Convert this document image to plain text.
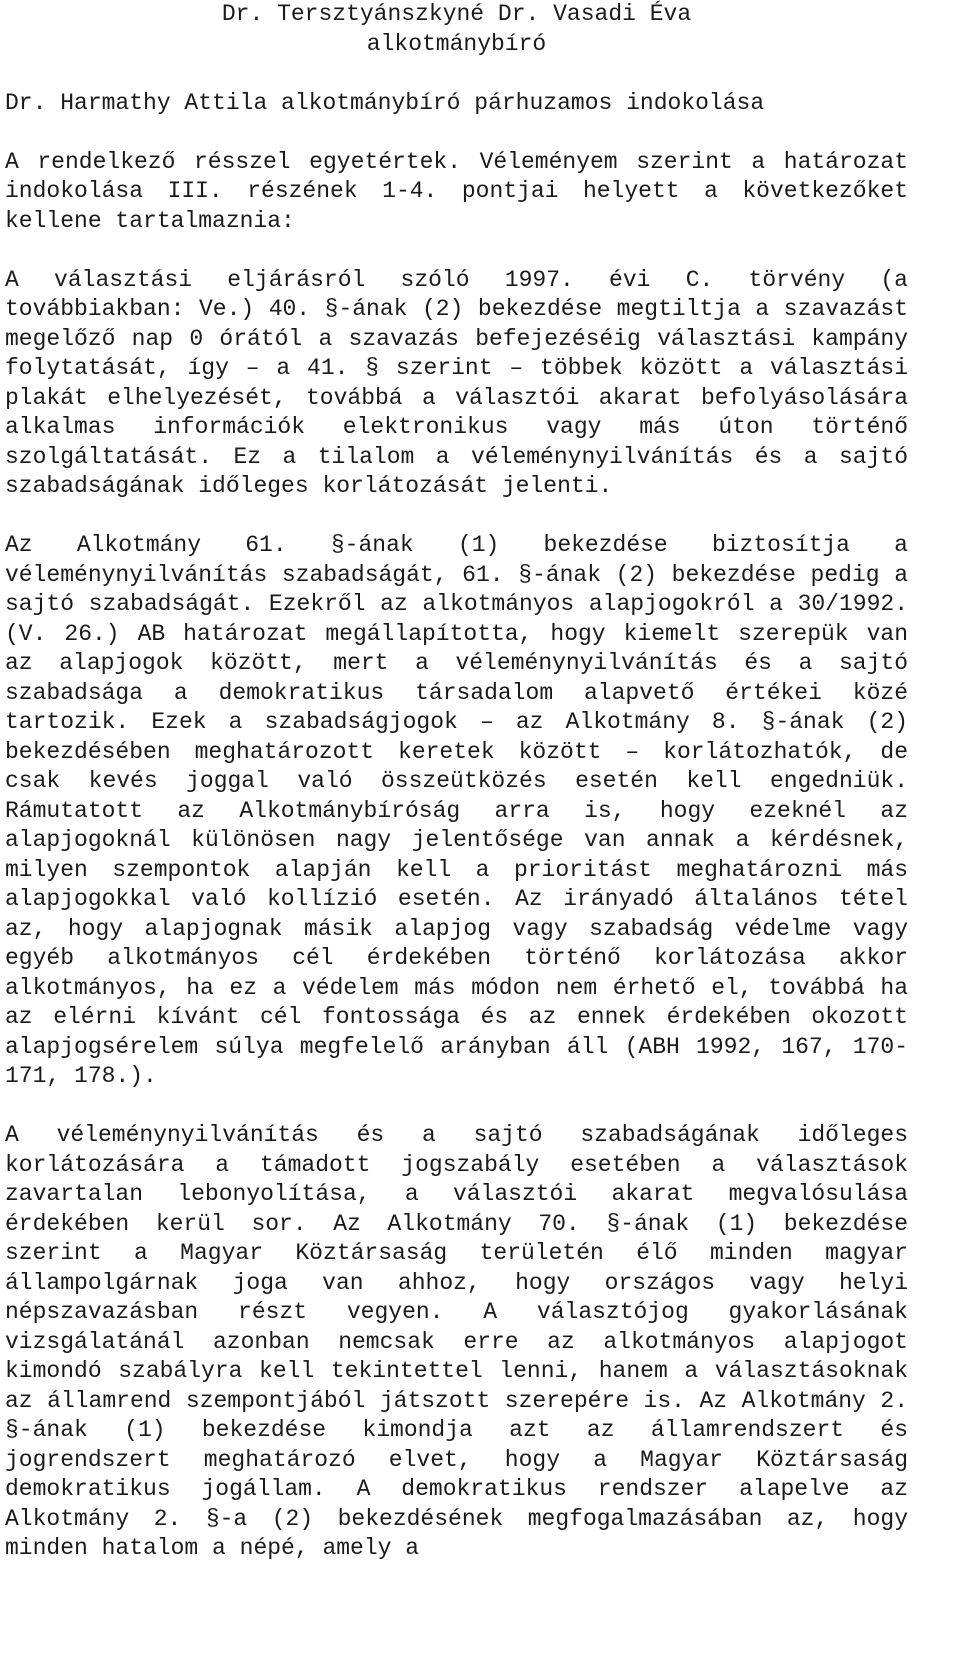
Dr. Tersztyánszkyné Dr. Vasadi Éva

alkotmánybíró

Dr. Harmathy Attila alkotmánybíró párhuzamos indokolása

A rendelkező résszel egyetértek. Véleményem szerint a határozat indokolása III. részének 1-4. pontjai helyett a következőket kellene tartalmaznia:

A választási eljárásról szóló 1997. évi C. törvény (a továbbiakban: Ve.) 40. §-ának (2) bekezdése megtiltja a szavazást megelőző nap 0 órától a szavazás befejezéséig választási kampány folytatását, így – a 41. § szerint – többek között a választási plakát elhelyezését, továbbá a választói akarat befolyásolására alkalmas információk elektronikus vagy más úton történő szolgáltatását. Ez a tilalom a véleménynyilvánítás és a sajtó szabadságának időleges korlátozását jelenti.

Az Alkotmány 61. §-ának (1) bekezdése biztosítja a véleménynyilvánítás szabadságát, 61. §-ának (2) bekezdése pedig a sajtó szabadságát. Ezekről az alkotmányos alapjogokról a 30/1992. (V. 26.) AB határozat megállapította, hogy kiemelt szerepük van az alapjogok között, mert a véleménynyilvánítás és a sajtó szabadsága a demokratikus társadalom alapvető értékei közé tartozik. Ezek a szabadságjogok – az Alkotmány 8. §-ának (2) bekezdésében meghatározott keretek között – korlátozhatók, de csak kevés joggal való összeütközés esetén kell engedniük. Rámutatott az Alkotmánybíróság arra is, hogy ezeknél az alapjogoknál különösen nagy jelentősége van annak a kérdésnek, milyen szempontok alapján kell a prioritást meghatározni más alapjogokkal való kollízió esetén. Az irányadó általános tétel az, hogy alapjognak másik alapjog vagy szabadság védelme vagy egyéb alkotmányos cél érdekében történő korlátozása akkor alkotmányos, ha ez a védelem más módon nem érhető el, továbbá ha az elérni kívánt cél fontossága és az ennek érdekében okozott alapjogsérelem súlya megfelelő arányban áll (ABH 1992, 167, 170-171, 178.).

A véleménynyilvánítás és a sajtó szabadságának időleges korlátozására a támadott jogszabály esetében a választások zavartalan lebonyolítása, a választói akarat megvalósulása érdekében kerül sor. Az Alkotmány 70. §-ának (1) bekezdése szerint a Magyar Köztársaság területén élő minden magyar állampolgárnak joga van ahhoz, hogy országos vagy helyi népszavazásban részt vegyen. A választójog gyakorlásának vizsgálatánál azonban nemcsak erre az alkotmányos alapjogot kimondó szabályra kell tekintettel lenni, hanem a választásoknak az államrend szempontjából játszott szerepére is. Az Alkotmány 2. §-ának (1) bekezdése kimondja azt az államrendszert és jogrendszert meghatározó elvet, hogy a Magyar Köztársaság demokratikus jogállam. A demokratikus rendszer alapelve az Alkotmány 2. §-a (2) bekezdésének megfogalmazásában az, hogy minden hatalom a népé, amely a
